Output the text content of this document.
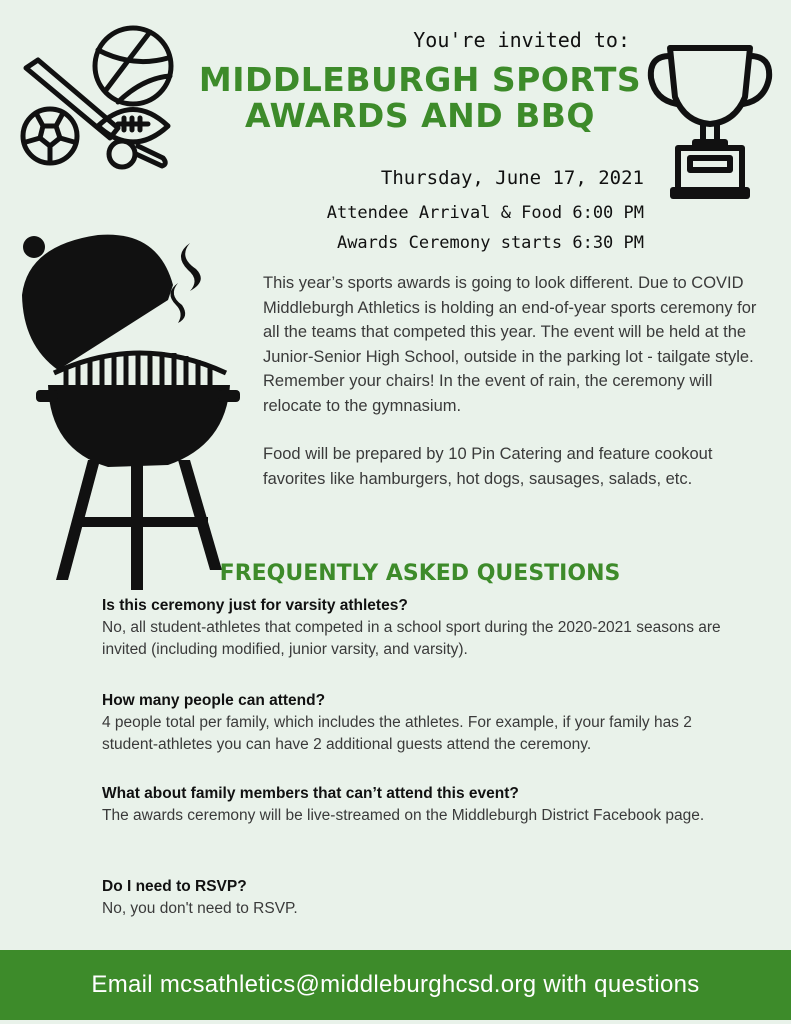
You're invited to:
MIDDLEBURGH SPORTS
AWARDS AND BBQ
Thursday, June 17, 2021
Attendee Arrival & Food 6:00 PM
Awards Ceremony starts 6:30 PM
This year’s sports awards is going to look different. Due to COVID Middleburgh Athletics is holding an end-of-year sports ceremony for all the teams that competed this year. The event will be held at the Junior-Senior High School, outside in the parking lot - tailgate style. Remember your chairs! In the event of rain, the ceremony will relocate to the gymnasium.
Food will be prepared by 10 Pin Catering and feature cookout favorites like hamburgers, hot dogs, sausages, salads, etc.
FREQUENTLY ASKED QUESTIONS
Is this ceremony just for varsity athletes?
No, all student-athletes that competed in a school sport during the 2020-2021 seasons are invited (including modified, junior varsity, and varsity).
How many people can attend?
4 people total per family, which includes the athletes. For example, if your family has 2 student-athletes you can have 2 additional guests attend the ceremony.
What about family members that can’t attend this event?
The awards ceremony will be live-streamed on the Middleburgh District Facebook page.
Do I need to RSVP?
No, you don't need to RSVP.
Email mcsathletics@middleburghcsd.org with questions
